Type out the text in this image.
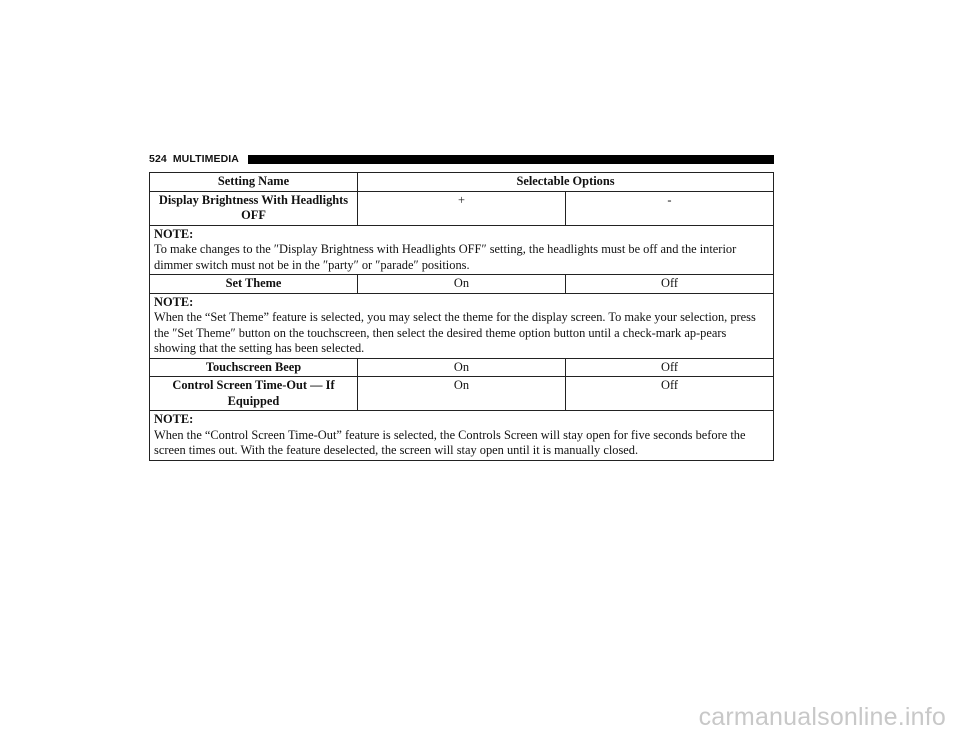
524 MULTIMEDIA
Setting Name	Selectable Options	
Display Brightness With Headlights OFF	+	-

NOTE:
To make changes to the ″Display Brightness with Headlights OFF″ setting, the headlights must be off and the interior dimmer switch must not be in the ″party″ or ″parade″ positions.		
Set Theme	On	Off

NOTE:
When the “Set Theme” feature is selected, you may select the theme for the display screen. To make your selection, press the ″Set Theme″ button on the touchscreen, then select the desired theme option button until a check-mark ap-pears showing that the setting has been selected.		
Touchscreen Beep	On	Off
Control Screen Time-Out — If Equipped	On	Off

NOTE:
When the “Control Screen Time-Out” feature is selected, the Controls Screen will stay open for five seconds before the screen times out. With the feature deselected, the screen will stay open until it is manually closed.		
carmanualsonline.info
